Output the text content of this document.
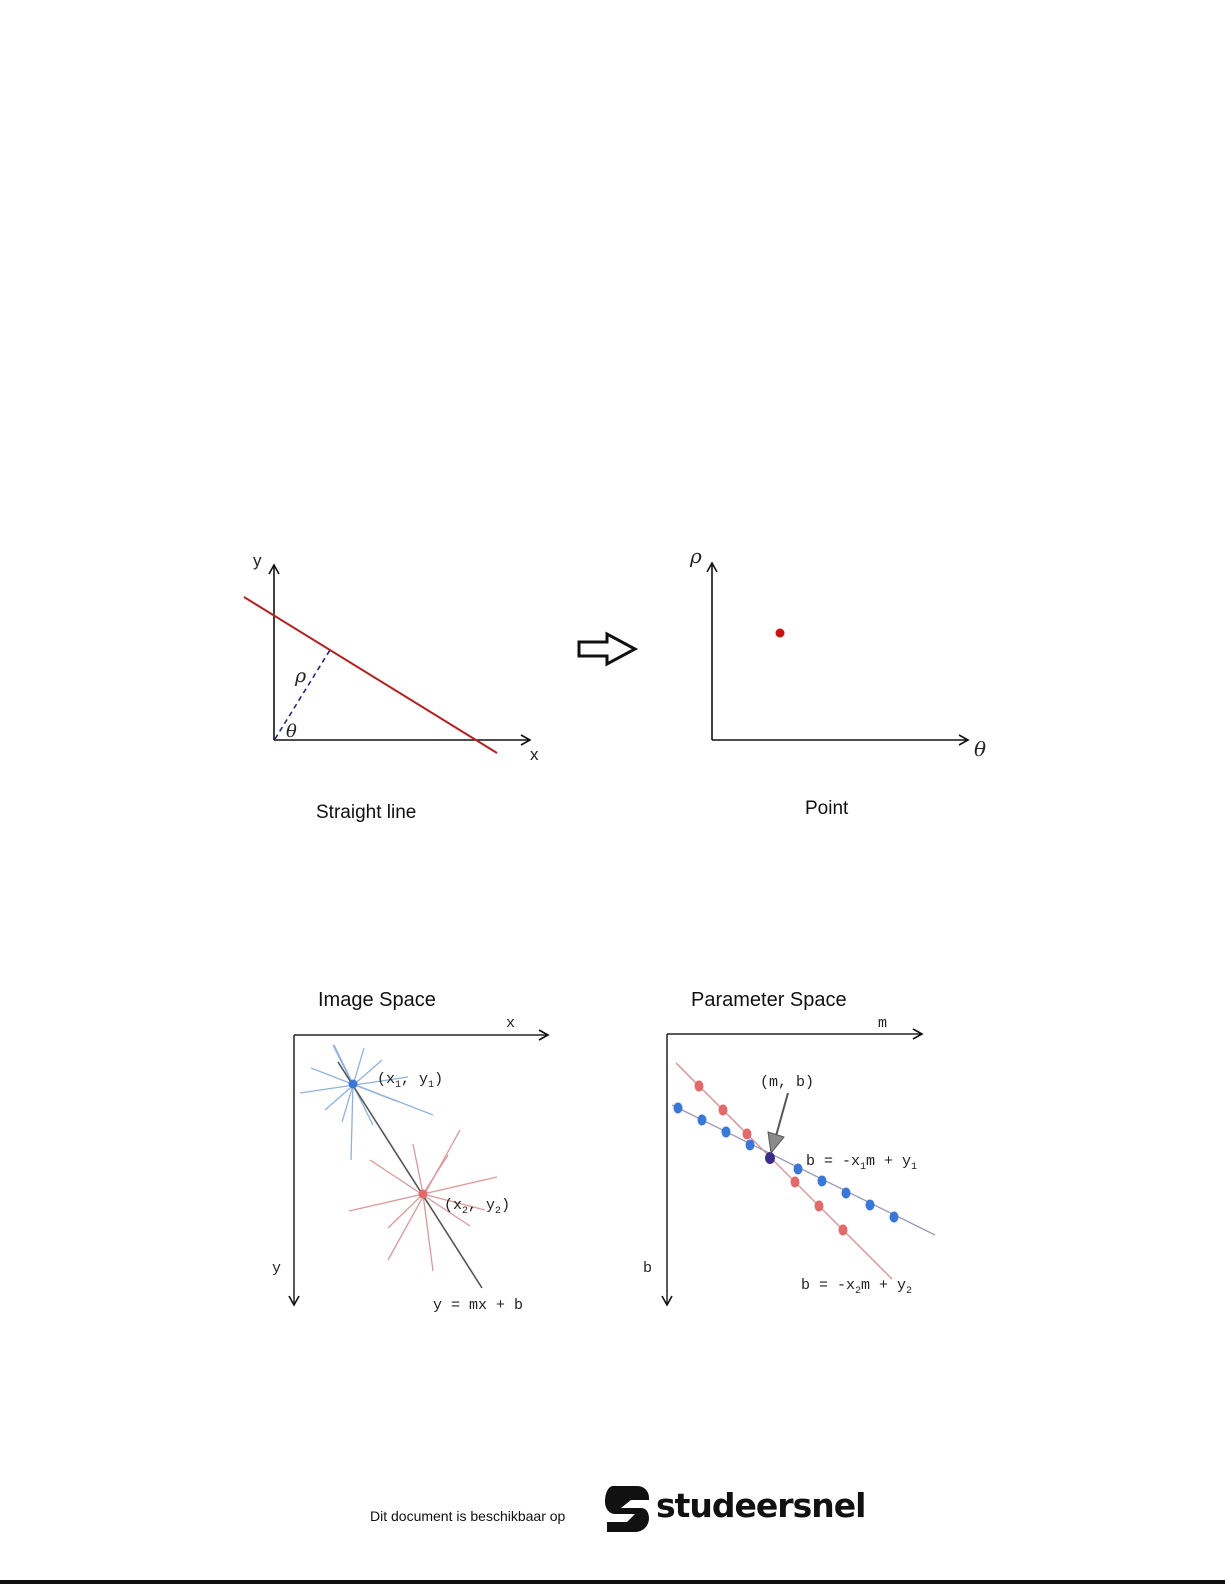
y
x
ρ
θ
Straight line
ρ
θ
Point
Image Space
x
y
($x_1$, $y_1$)
($x_2$, $y_2$)
y = mx + b
Parameter Space
m
b
(m, b)
$b = -x_1m + y_1$
$b = -x_2m + y_2$
Dit document is beschikbaar op	studeersnel
